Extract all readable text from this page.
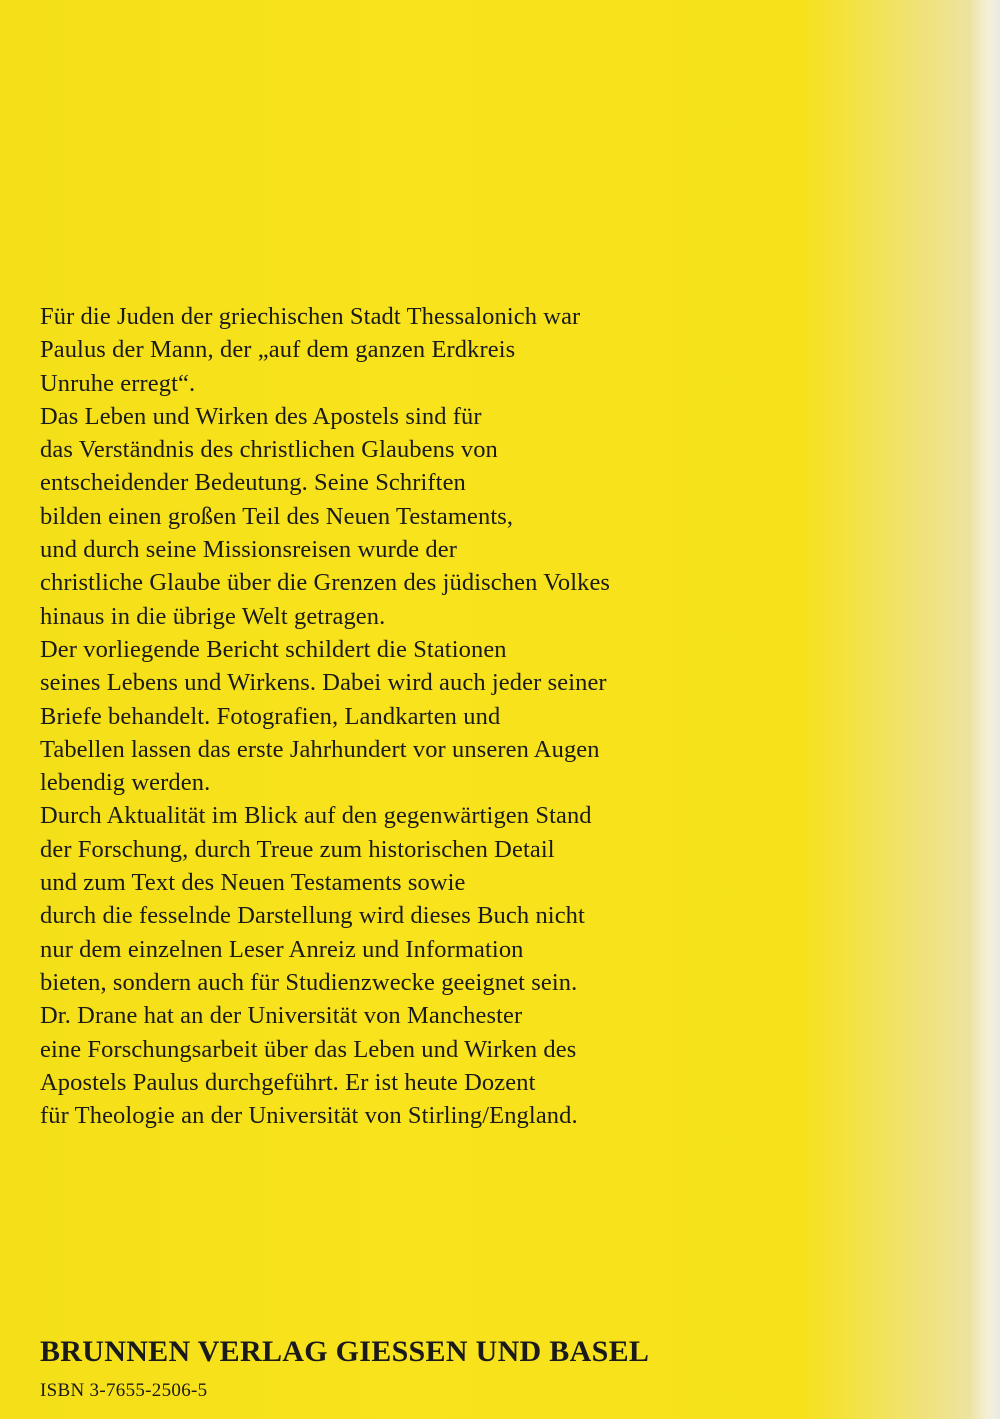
Für die Juden der griechischen Stadt Thessalonich war
Paulus der Mann, der „auf dem ganzen Erdkreis
Unruhe erregt“.
Das Leben und Wirken des Apostels sind für
das Verständnis des christlichen Glaubens von
entscheidender Bedeutung. Seine Schriften
bilden einen großen Teil des Neuen Testaments,
und durch seine Missionsreisen wurde der
christliche Glaube über die Grenzen des jüdischen Volkes
hinaus in die übrige Welt getragen.
Der vorliegende Bericht schildert die Stationen
seines Lebens und Wirkens. Dabei wird auch jeder seiner
Briefe behandelt. Fotografien, Landkarten und
Tabellen lassen das erste Jahrhundert vor unseren Augen
lebendig werden.
Durch Aktualität im Blick auf den gegenwärtigen Stand
der Forschung, durch Treue zum historischen Detail
und zum Text des Neuen Testaments sowie
durch die fesselnde Darstellung wird dieses Buch nicht
nur dem einzelnen Leser Anreiz und Information
bieten, sondern auch für Studienzwecke geeignet sein.
Dr. Drane hat an der Universität von Manchester
eine Forschungsarbeit über das Leben und Wirken des
Apostels Paulus durchgeführt. Er ist heute Dozent
für Theologie an der Universität von Stirling/England.
BRUNNEN VERLAG GIESSEN UND BASEL
ISBN 3-7655-2506-5
